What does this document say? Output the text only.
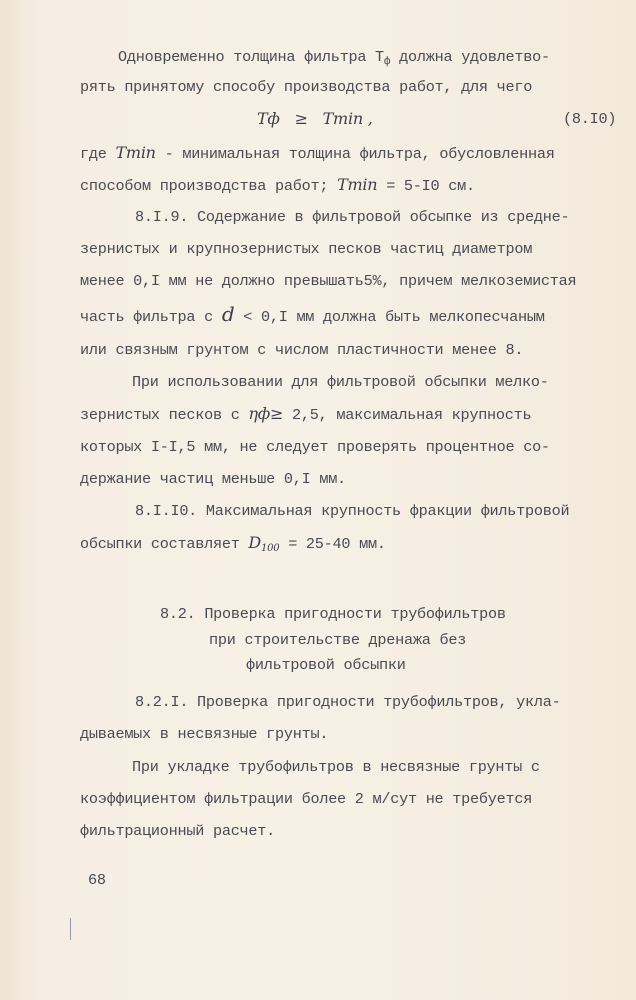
Одновременно толщина фильтра $Т_ф$ должна удовлетво-
рять принятому способу производства работ, для чего
Tф ≥ Tmin ,	(8.I0)
где Tmin - минимальная толщина фильтра, обусловленная
способом производства работ; Tmin = 5-I0 см.
8.I.9. Содержание в фильтровой обсыпке из средне-
зернистых и крупнозернистых песков частиц диаметром
менее 0,I мм не должно превышать5%, причем мелкоземистая
часть фильтра с d < 0,I мм должна быть мелкопесчаным
или связным грунтом с числом пластичности менее 8.
При использовании для фильтровой обсыпки мелко-
зернистых песков с ηф≥ 2,5, максимальная крупность
которых I-I,5 мм, не следует проверять процентное со-
держание частиц меньше 0,I мм.
8.I.I0. Максимальная крупность фракции фильтровой
обсыпки составляет $D_{100} = 25-40$ мм.
8.2. Проверка пригодности трубофильтров
при строительстве дренажа без
фильтровой обсыпки
8.2.I. Проверка пригодности трубофильтров, укла-
дываемых в несвязные грунты.
При укладке трубофильтров в несвязные грунты с
коэффициентом фильтрации более 2 м/сут не требуется
фильтрационный расчет.
68
